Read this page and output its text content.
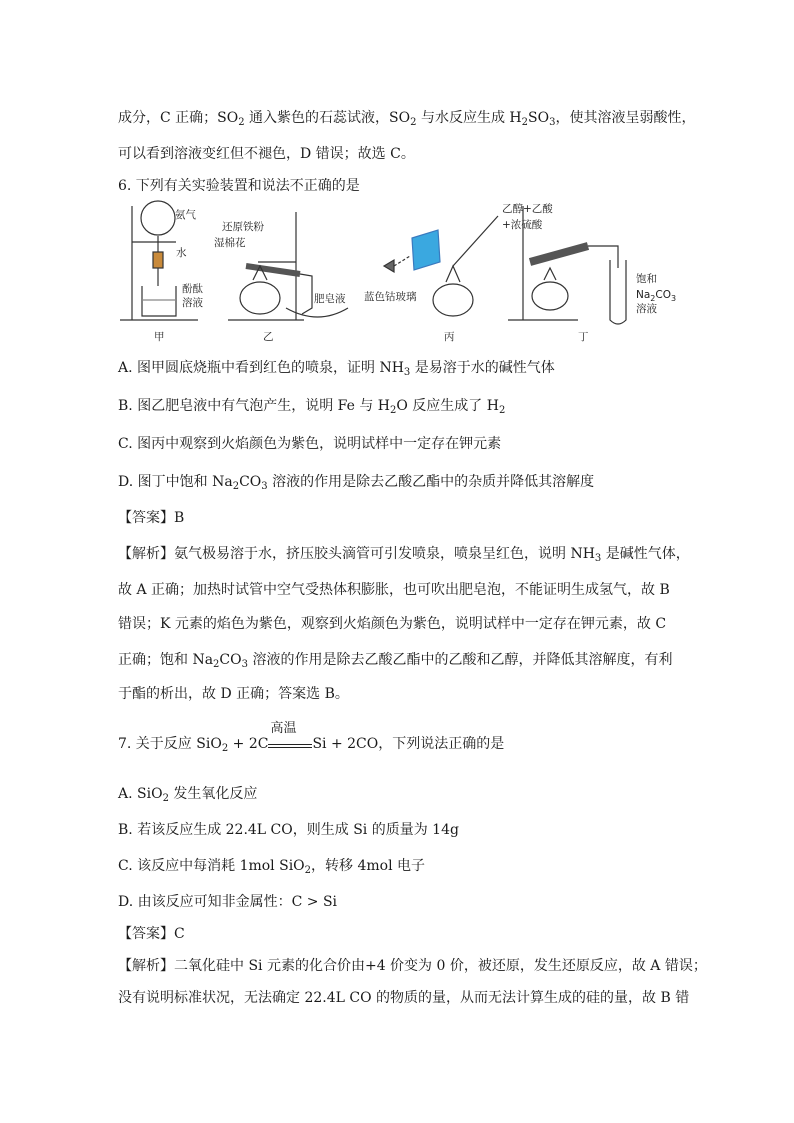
成分，C 正确；$SO_2$ 通入紫色的石蕊试液，$SO_2$ 与水反应生成 $H_2SO_3$，使其溶液呈弱酸性，
可以看到溶液变红但不褪色，D 错误；故选 C。
6. 下列有关实验装置和说法不正确的是
氨气
水
酚酞
溶液
甲
还原铁粉
湿棉花
肥皂液
乙
蓝色钴玻璃
丙
乙醇+乙酸
+浓硫酸
饱和
$Na_2CO_3$
溶液
丁
A. 图甲圆底烧瓶中看到红色的喷泉，证明 $NH_3$ 是易溶于水的碱性气体
B. 图乙肥皂液中有气泡产生，说明 Fe 与 $H_2O$ 反应生成了 $H_2$
C. 图丙中观察到火焰颜色为紫色，说明试样中一定存在钾元素
D. 图丁中饱和 $Na_2CO_3$ 溶液的作用是除去乙酸乙酯中的杂质并降低其溶解度
【答案】B
【解析】氨气极易溶于水，挤压胶头滴管可引发喷泉，喷泉呈红色，说明 $NH_3$ 是碱性气体，
故 A 正确；加热时试管中空气受热体积膨胀，也可吹出肥皂泡，不能证明生成氢气，故 B
错误；K 元素的焰色为紫色，观察到火焰颜色为紫色，说明试样中一定存在钾元素，故 C
正确；饱和 $Na_2CO_3$ 溶液的作用是除去乙酸乙酯中的乙酸和乙醇，并降低其溶解度，有利
于酯的析出，故 D 正确；答案选 B。
7. 关于反应 SiO$_2$ + 2C
高温
Si + 2CO，下列说法正确的是
A. SiO$_2$ 发生氧化反应
B. 若该反应生成 22.4L CO，则生成 Si 的质量为 14g
C. 该反应中每消耗 1mol SiO$_2$，转移 4mol 电子
D. 由该反应可知非金属性：C > Si
【答案】C
【解析】二氧化硅中 Si 元素的化合价由+4 价变为 0 价，被还原，发生还原反应，故 A 错误；
没有说明标准状况，无法确定 22.4L CO 的物质的量，从而无法计算生成的硅的量，故 B 错
